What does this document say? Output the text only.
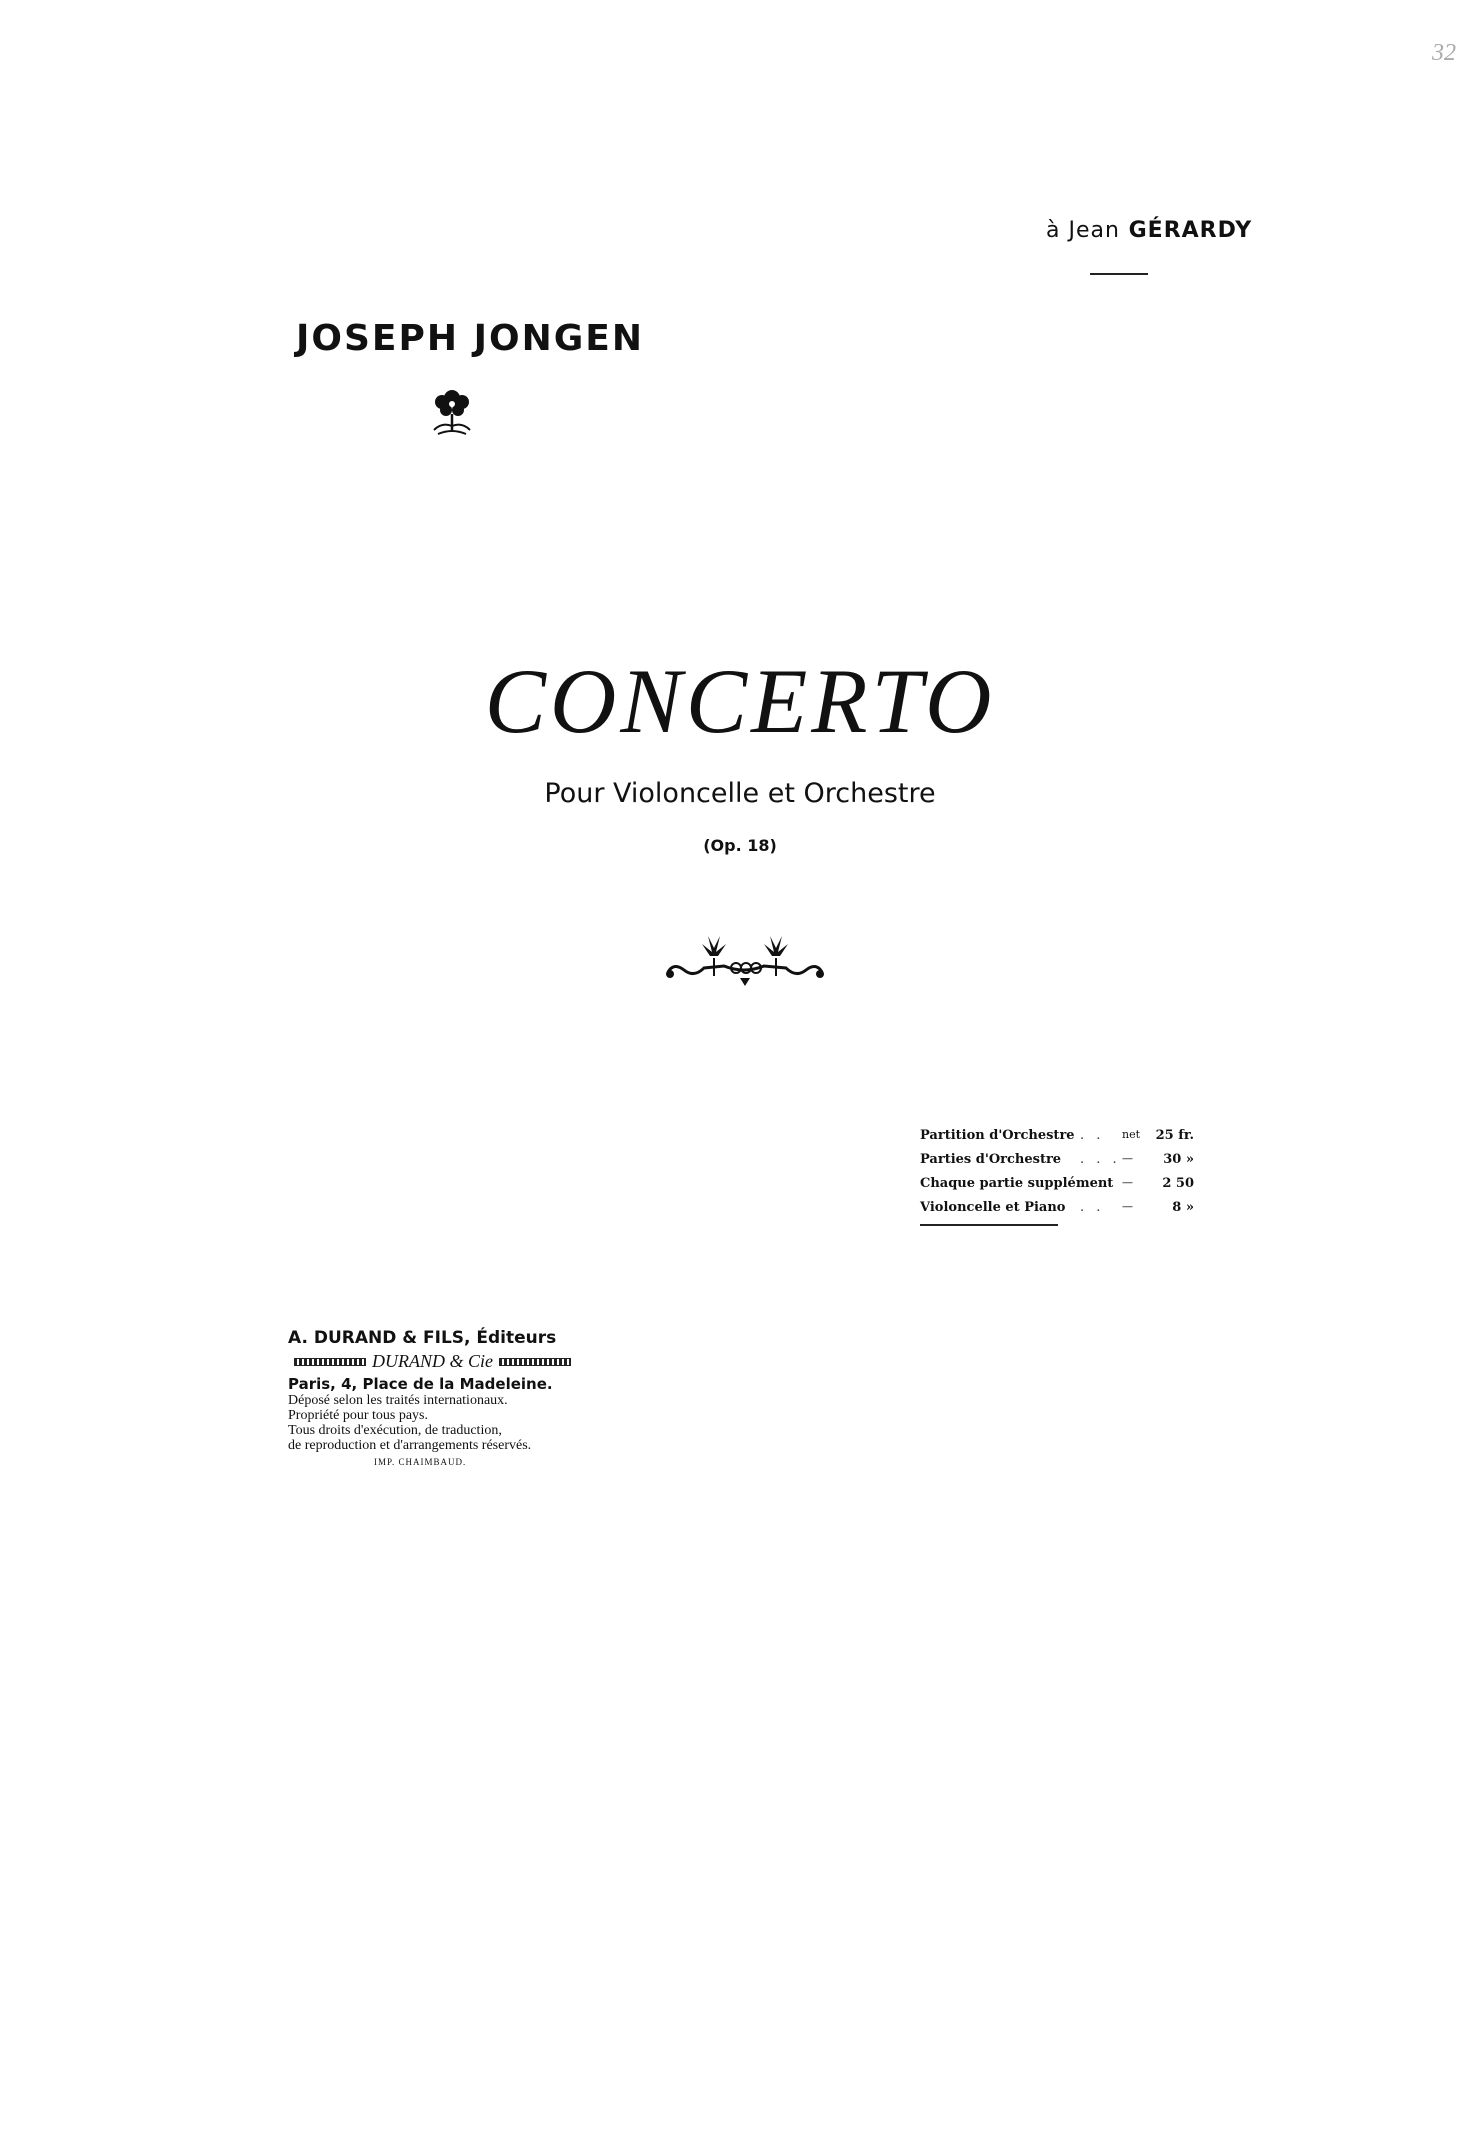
32
à Jean GÉRARDY
JOSEPH JONGEN
CONCERTO
Pour Violoncelle et Orchestre
(Op. 18)
Partition d'Orchestre . .	net 25 fr.
Parties d'Orchestre . . . — 30 »
Chaque partie supplément — 2 50
Violoncelle et Piano . .	—	8 »
A. DURAND & FILS, Éditeurs
DURAND & Cie
Paris, 4, Place de la Madeleine.
Déposé selon les traités internationaux.
Propriété pour tous pays.
Tous droits d'exécution, de traduction,
de reproduction et d'arrangements réservés.
IMP. CHAIMBAUD.
